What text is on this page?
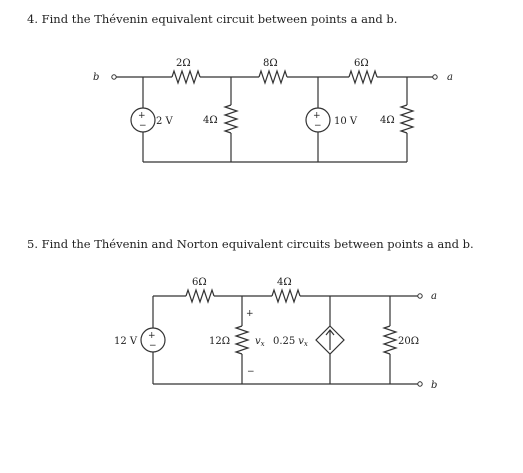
4. Find the Thévenin equivalent circuit between points a and b.
5. Find the Thévenin and Norton equivalent circuits between points a and b.
b	a
2Ω	8Ω	6Ω
+
− 2 V	4Ω	+
− 10 V 4Ω
a
6Ω	4Ω
+
−
12 V	12Ω
+
−
$v_x$ 0.25 $v_x$	20Ω
b
